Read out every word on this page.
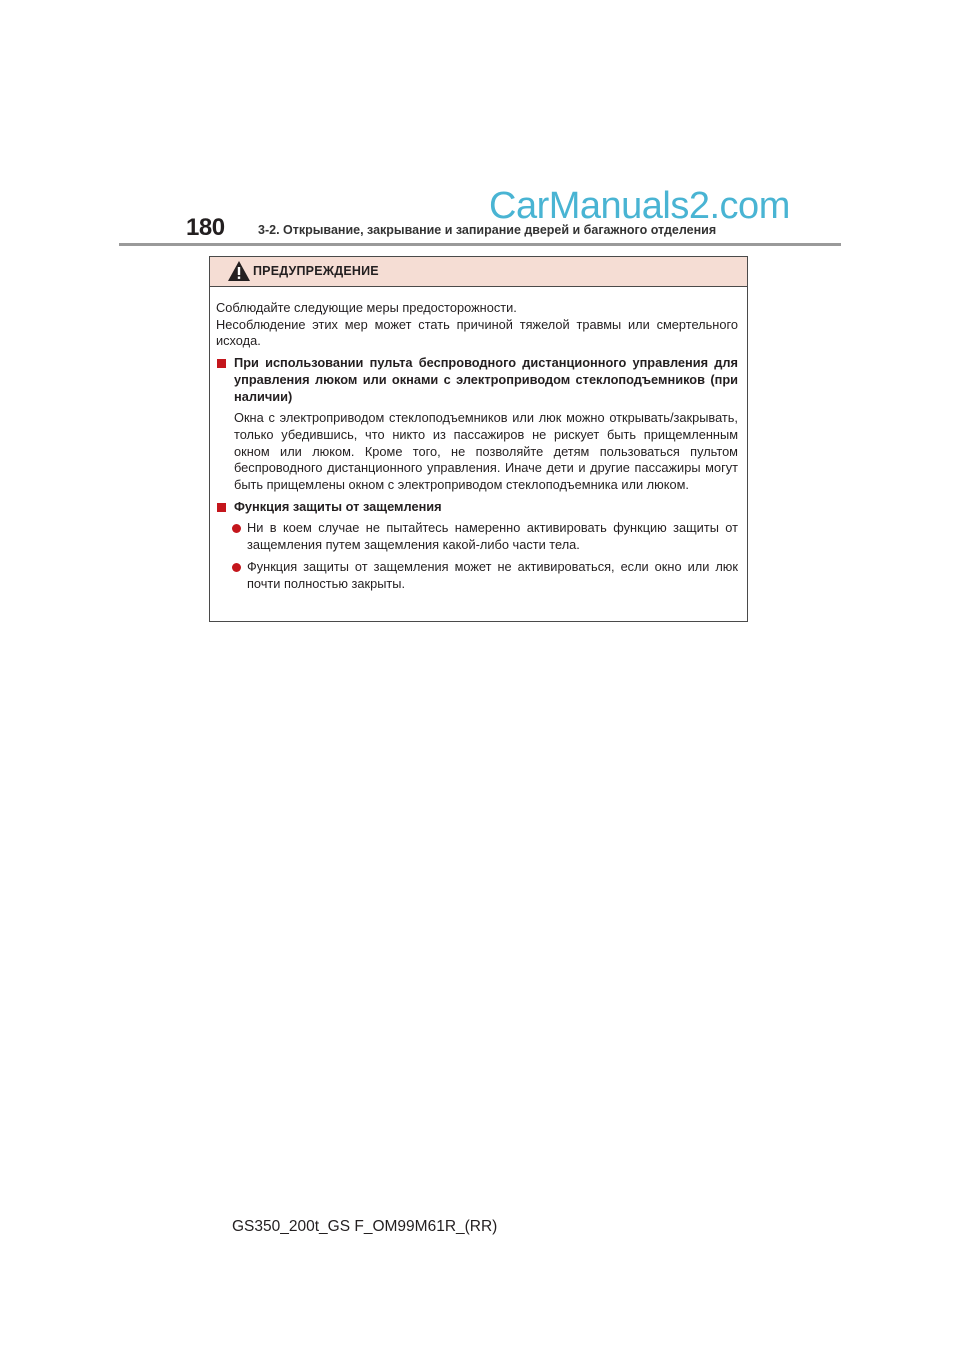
180
CarManuals2.com
3-2. Открывание, закрывание и запирание дверей и багажного отделения
ПРЕДУПРЕЖДЕНИЕ

Соблюдайте следующие меры предосторожности.

Несоблюдение этих мер может стать причиной тяжелой травмы или смертельного исхода.

При использовании пульта беспроводного дистанционного управления для управления люком или окнами с электроприводом стеклоподъемников (при наличии)

Окна с электроприводом стеклоподъемников или люк можно открывать/закрывать, только убедившись, что никто из пассажиров не рискует быть прищемленным окном или люком. Кроме того, не позволяйте детям пользоваться пультом беспроводного дистанционного управления. Иначе дети и другие пассажиры могут быть прищемлены окном с электроприводом стеклоподъемника или люком.

Функция защиты от защемления
Ни в коем случае не пытайтесь намеренно активировать функцию защиты от защемления путем защемления какой-либо части тела.
Функция защиты от защемления может не активироваться, если окно или люк почти полностью закрыты.
GS350_200t_GS F_OM99M61R_(RR)
